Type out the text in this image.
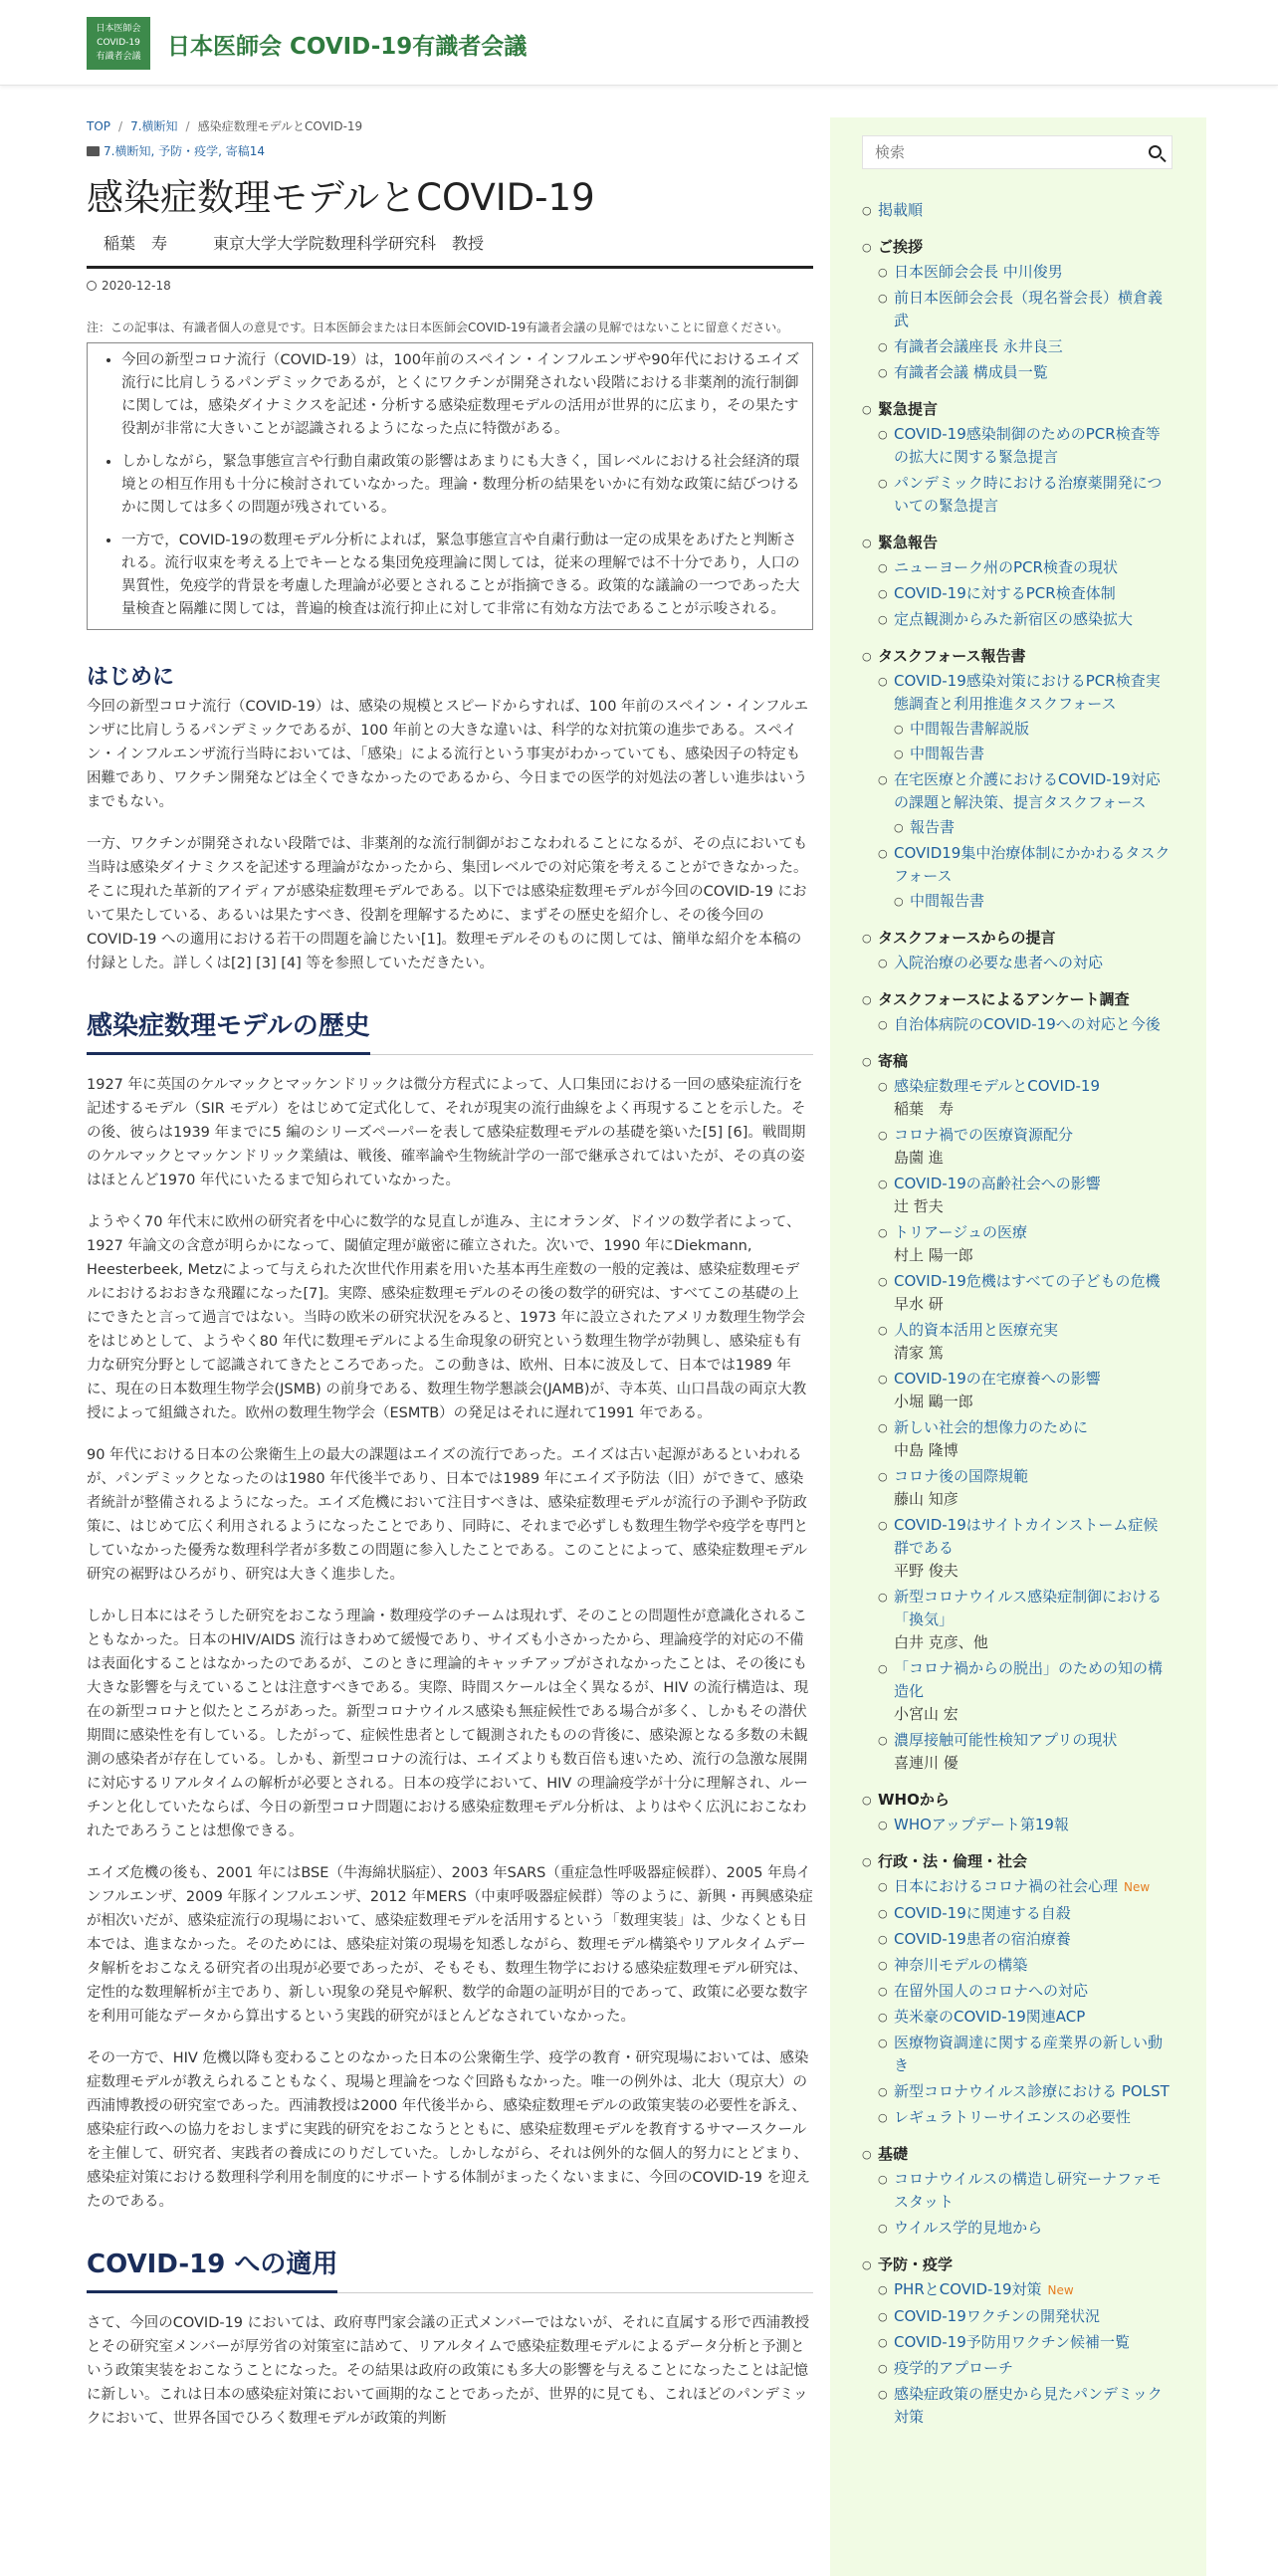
日本医師会
COVID-19
有識者会議	日本医師会 COVID-19有識者会議
TOP / 7.横断知 / 感染症数理モデルとCOVID-19
7.横断知, 予防・疫学, 寄稿14
感染症数理モデルとCOVID-19
稲葉　寿	東京大学大学院数理科学研究科　教授
2020-12-18
注：この記事は、有識者個人の意見です。日本医師会または日本医師会COVID-19有識者会議の見解ではないことに留意ください。
• 今回の新型コロナ流行（COVID-19）は，100年前のスペイン・インフルエンザや90年代におけるエイズ流行に比肩しうるパンデミックであるが，とくにワクチンが開発されない段階における非薬剤的流行制御に関しては，感染ダイナミクスを記述・分析する感染症数理モデルの活用が世界的に広まり，その果たす役割が非常に大きいことが認識されるようになった点に特徴がある。
• しかしながら，緊急事態宣言や行動自粛政策の影響はあまりにも大きく，国レベルにおける社会経済的環境との相互作用も十分に検討されていなかった。理論・数理分析の結果をいかに有効な政策に結びつけるかに関しては多くの問題が残されている。
• 一方で，COVID-19の数理モデル分析によれば，緊急事態宣言や自粛行動は一定の成果をあげたと判断される。流行収束を考える上でキーとなる集団免疫理論に関しては，従来の理解では不十分であり，人口の異質性，免疫学的背景を考慮した理論が必要とされることが指摘できる。政策的な議論の一つであった大量検査と隔離に関しては，普遍的検査は流行抑止に対して非常に有効な方法であることが示唆される。
はじめに

今回の新型コロナ流行（COVID-19）は、感染の規模とスピードからすれば、100 年前のスペイン・インフルエンザに比肩しうるパンデミックであるが、100 年前との大きな違いは、科学的な対抗策の進歩である。スペイン・インフルエンザ流行当時においては、「感染」による流行という事実がわかっていても、感染因子の特定も困難であり、ワクチン開発などは全くできなかったのであるから、今日までの医学的対処法の著しい進歩はいうまでもない。

一方、ワクチンが開発されない段階では、非薬剤的な流行制御がおこなわれることになるが、その点においても当時は感染ダイナミクスを記述する理論がなかったから、集団レベルでの対応策を考えることができなかった。そこに現れた革新的アイディアが感染症数理モデルである。以下では感染症数理モデルが今回のCOVID-19 において果たしている、あるいは果たすべき、役割を理解するために、まずその歴史を紹介し、その後今回のCOVID-19 への適用における若干の問題を論じたい[1]。数理モデルそのものに関しては、簡単な紹介を本稿の付録とした。詳しくは[2] [3] [4] 等を参照していただきたい。

感染症数理モデルの歴史

1927 年に英国のケルマックとマッケンドリックは微分方程式によって、人口集団における一回の感染症流行を記述するモデル（SIR モデル）をはじめて定式化して、それが現実の流行曲線をよく再現することを示した。その後、彼らは1939 年までに5 編のシリーズペーパーを表して感染症数理モデルの基礎を築いた[5] [6]。戦間期のケルマックとマッケンドリック業績は、戦後、確率論や生物統計学の一部で継承されてはいたが、その真の姿はほとんど1970 年代にいたるまで知られていなかった。

ようやく70 年代末に欧州の研究者を中心に数学的な見直しが進み、主にオランダ、ドイツの数学者によって、1927 年論文の含意が明らかになって、閾値定理が厳密に確立された。次いで、1990 年にDiekmann, Heesterbeek, Metzによって与えられた次世代作用素を用いた基本再生産数の一般的定義は、感染症数理モデルにおけるおおきな飛躍になった[7]。実際、感染症数理モデルのその後の数学的研究は、すべてこの基礎の上にできたと言って過言ではない。当時の欧米の研究状況をみると、1973 年に設立されたアメリカ数理生物学会をはじめとして、ようやく80 年代に数理モデルによる生命現象の研究という数理生物学が勃興し、感染症も有力な研究分野として認識されてきたところであった。この動きは、欧州、日本に波及して、日本では1989 年に、現在の日本数理生物学会(JSMB) の前身である、数理生物学懇談会(JAMB)が、寺本英、山口昌哉の両京大教授によって組織された。欧州の数理生物学会（ESMTB）の発足はそれに遅れて1991 年である。

90 年代における日本の公衆衛生上の最大の課題はエイズの流行であった。エイズは古い起源があるといわれるが、パンデミックとなったのは1980 年代後半であり、日本では1989 年にエイズ予防法（旧）ができて、感染者統計が整備されるようになった。エイズ危機において注目すべきは、感染症数理モデルが流行の予測や予防政策に、はじめて広く利用されるようになったことであり、同時に、それまで必ずしも数理生物学や疫学を専門としていなかった優秀な数理科学者が多数この問題に参入したことである。このことによって、感染症数理モデル研究の裾野はひろがり、研究は大きく進歩した。

しかし日本にはそうした研究をおこなう理論・数理疫学のチームは現れず、そのことの問題性が意識化されることもなかった。日本のHIV/AIDS 流行はきわめて緩慢であり、サイズも小さかったから、理論疫学的対応の不備は表面化することはなかったのであるが、このときに理論的キャッチアップがされなかったことは、その後にも大きな影響を与えていることは注意すべきである。実際、時間スケールは全く異なるが、HIV の流行構造は、現在の新型コロナと似たところがあった。新型コロナウイルス感染も無症候性である場合が多く、しかもその潜伏期間に感染性を有している。したがって、症候性患者として観測されたものの背後に、感染源となる多数の未観測の感染者が存在している。しかも、新型コロナの流行は、エイズよりも数百倍も速いため、流行の急激な展開に対応するリアルタイムの解析が必要とされる。日本の疫学において、HIV の理論疫学が十分に理解され、ルーチンと化していたならば、今日の新型コロナ問題における感染症数理モデル分析は、よりはやく広汎におこなわれたであろうことは想像できる。

エイズ危機の後も、2001 年にはBSE（牛海綿状脳症）、2003 年SARS（重症急性呼吸器症候群）、2005 年鳥インフルエンザ、2009 年豚インフルエンザ、2012 年MERS（中東呼吸器症候群）等のように、新興・再興感染症が相次いだが、感染症流行の現場において、感染症数理モデルを活用するという「数理実装」は、少なくとも日本では、進まなかった。そのためには、感染症対策の現場を知悉しながら、数理モデル構築やリアルタイムデータ解析をおこなえる研究者の出現が必要であったが、そもそも、数理生物学における感染症数理モデル研究は、定性的な数理解析が主であり、新しい現象の発見や解釈、数学的命題の証明が目的であって、政策に必要な数字を利用可能なデータから算出するという実践的研究がほとんどなされていなかった。

その一方で、HIV 危機以降も変わることのなかった日本の公衆衛生学、疫学の教育・研究現場においては、感染症数理モデルが教えられることもなく、現場と理論をつなぐ回路もなかった。唯一の例外は、北大（現京大）の西浦博教授の研究室であった。西浦教授は2000 年代後半から、感染症数理モデルの政策実装の必要性を訴え、感染症行政への協力をおしまずに実践的研究をおこなうとともに、感染症数理モデルを教育するサマースクールを主催して、研究者、実践者の養成にのりだしていた。しかしながら、それは例外的な個人的努力にとどまり、感染症対策における数理科学利用を制度的にサポートする体制がまったくないままに、今回のCOVID-19 を迎えたのである。

COVID-19 への適用

さて、今回のCOVID-19 においては、政府専門家会議の正式メンバーではないが、それに直属する形で西浦教授とその研究室メンバーが厚労省の対策室に詰めて、リアルタイムで感染症数理モデルによるデータ分析と予測という政策実装をおこなうことになった。その結果は政府の政策にも多大の影響を与えることになったことは記憶に新しい。これは日本の感染症対策において画期的なことであったが、世界的に見ても、これほどのパンデミックにおいて、世界各国でひろく数理モデルが政策的判断

検索
○ 掲載順
○ ご挨拶
○ 日本医師会会長 中川俊男
○ 前日本医師会会長（現名誉会長）横倉義武
○ 有識者会議座長 永井良三
○ 有識者会議 構成員一覧
○ 緊急提言
○ COVID-19感染制御のためのPCR検査等の拡大に関する緊急提言
○ パンデミック時における治療薬開発についての緊急提言
○ 緊急報告
○ ニューヨーク州のPCR検査の現状
○ COVID-19に対するPCR検査体制
○ 定点観測からみた新宿区の感染拡大
○ タスクフォース報告書
○ COVID-19感染対策におけるPCR検査実態調査と利用推進タスクフォース
○ 中間報告書解説版
○ 中間報告書
○ 在宅医療と介護におけるCOVID-19対応の課題と解決策、提言タスクフォース
○ 報告書
○ COVID19集中治療体制にかかわるタスクフォース
○ 中間報告書
○ タスクフォースからの提言
○ 入院治療の必要な患者への対応
○ タスクフォースによるアンケート調査
○ 自治体病院のCOVID-19への対応と今後
○ 寄稿
○ 感染症数理モデルとCOVID-19
稲葉　寿
○ コロナ禍での医療資源配分
島薗 進
○ COVID-19の高齢社会への影響
辻 哲夫
○ トリアージュの医療
村上 陽一郎
○ COVID-19危機はすべての子どもの危機
早水 研
○ 人的資本活用と医療充実
清家 篤
○ COVID-19の在宅療養への影響
小堀 鷗一郎
○ 新しい社会的想像力のために
中島 隆博
○ コロナ後の国際規範
藤山 知彦
○ COVID-19はサイトカインストーム症候群である
平野 俊夫
○ 新型コロナウイルス感染症制御における「換気」
白井 克彦、他
○ 「コロナ禍からの脱出」のための知の構造化
小宮山 宏
○ 濃厚接触可能性検知アプリの現状
喜連川 優
○ WHOから
○ WHOアップデート第19報
○ 行政・法・倫理・社会
○ 日本におけるコロナ禍の社会心理 New
○ COVID-19に関連する自殺
○ COVID-19患者の宿泊療養
○ 神奈川モデルの構築
○ 在留外国人のコロナへの対応
○ 英米豪のCOVID-19関連ACP
○ 医療物資調達に関する産業界の新しい動き
○ 新型コロナウイルス診療における POLST
○ レギュラトリーサイエンスの必要性
○ 基礎
○ コロナウイルスの構造し研究ーナファモスタット
○ ウイルス学的見地から
○ 予防・疫学
○ PHRとCOVID-19対策 New
○ COVID-19ワクチンの開発状況
○ COVID-19予防用ワクチン候補一覧
○ 疫学的アプローチ
○ 感染症政策の歴史から見たパンデミック対策
